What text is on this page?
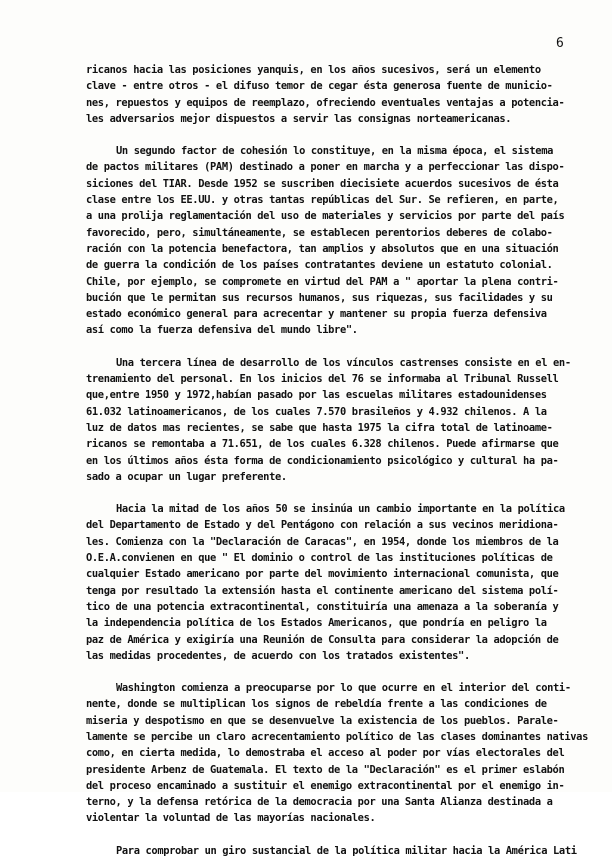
6
ricanos hacia las posiciones yanquis, en los años sucesivos, será un elemento
clave - entre otros - el difuso temor de cegar ésta generosa fuente de municio-
nes, repuestos y equipos de reemplazo, ofreciendo eventuales ventajas a potencia-
les adversarios mejor dispuestos a servir las consignas norteamericanas.
Un segundo factor de cohesión lo constituye, en la misma época, el sistema
de pactos militares (PAM) destinado a poner en marcha y a perfeccionar las dispo-
siciones del TIAR. Desde 1952 se suscriben diecisiete acuerdos sucesivos de ésta
clase entre los EE.UU. y otras tantas repúblicas del Sur. Se refieren, en parte,
a una prolija reglamentación del uso de materiales y servicios por parte del país
favorecido, pero, simultáneamente, se establecen perentorios deberes de colabo-
ración con la potencia benefactora, tan amplios y absolutos que en una situación
de guerra la condición de los países contratantes deviene un estatuto colonial.
Chile, por ejemplo, se compromete en virtud del PAM a " aportar la plena contri-
bución que le permitan sus recursos humanos, sus riquezas, sus facilidades y su
estado económico general para acrecentar y mantener su propia fuerza defensiva
así como la fuerza defensiva del mundo libre".
Una tercera línea de desarrollo de los vínculos castrenses consiste en el en-
trenamiento del personal. En los inicios del 76 se informaba al Tribunal Russell
que,entre 1950 y 1972,habían pasado por las escuelas militares estadounidenses
61.032 latinoamericanos, de los cuales 7.570 brasileños y 4.932 chilenos. A la
luz de datos mas recientes, se sabe que hasta 1975 la cifra total de latinoame-
ricanos se remontaba a 71.651, de los cuales 6.328 chilenos. Puede afirmarse que
en los últimos años ésta forma de condicionamiento psicológico y cultural ha pa-
sado a ocupar un lugar preferente.
Hacia la mitad de los años 50 se insinúa un cambio importante en la política
del Departamento de Estado y del Pentágono con relación a sus vecinos meridiona-
les. Comienza con la "Declaración de Caracas", en 1954, donde los miembros de la
O.E.A.convienen en que " El dominio o control de las instituciones políticas de
cualquier Estado americano por parte del movimiento internacional comunista, que
tenga por resultado la extensión hasta el continente americano del sistema polí-
tico de una potencia extracontinental, constituiría una amenaza a la soberanía y
la independencia política de los Estados Americanos, que pondría en peligro la
paz de América y exigiría una Reunión de Consulta para considerar la adopción de
las medidas procedentes, de acuerdo con los tratados existentes".
Washington comienza a preocuparse por lo que ocurre en el interior del conti-
nente, donde se multiplican los signos de rebeldía frente a las condiciones de
miseria y despotismo en que se desenvuelve la existencia de los pueblos. Parale-
lamente se percibe un claro acrecentamiento político de las clases dominantes nativas
como, en cierta medida, lo demostraba el acceso al poder por vías electorales del
presidente Arbenz de Guatemala. El texto de la "Declaración" es el primer eslabón
del proceso encaminado a sustituir el enemigo extracontinental por el enemigo in-
terno, y la defensa retórica de la democracia por una Santa Alianza destinada a
violentar la voluntad de las mayorías nacionales.
Para comprobar un giro sustancial de la política militar hacia la América Lati
